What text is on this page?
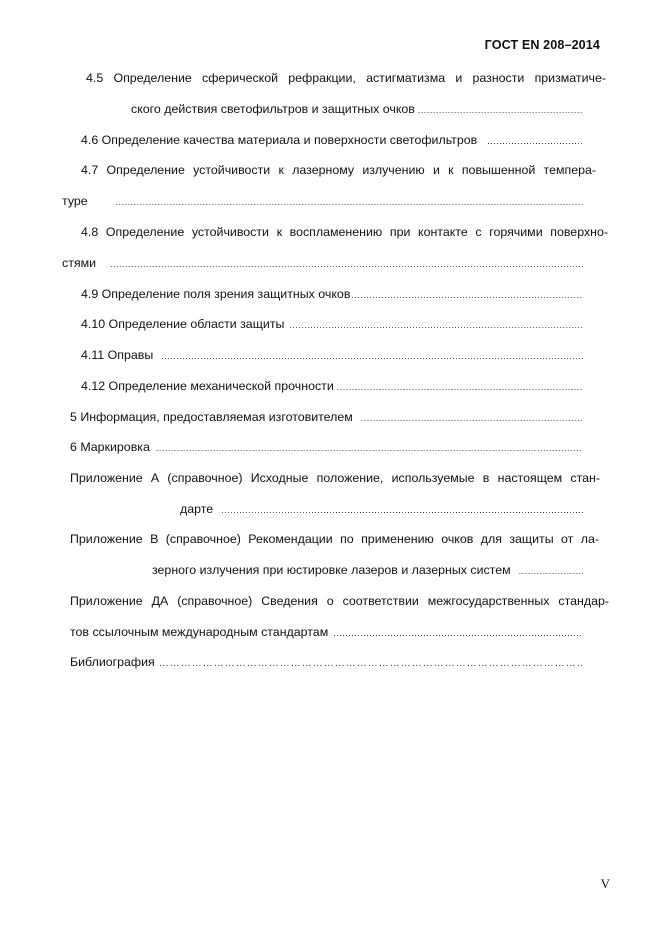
ГОСТ EN 208–2014
4.5 Определение сферической рефракции, астигматизма и разности призматиче-
ского действия светофильтров и защитных очков
.....
4.6 Определение качества материала и поверхности светофильтров
.....
4.7 Определение устойчивости к лазерному излучению и к повышенной темпера-
туре
.....
4.8 Определение устойчивости к воспламенению при контакте с горячими поверхно-
стями
.....
4.9 Определение поля зрения защитных очков
.....
4.10 Определение области защиты
.....
4.11 Оправы
.....
4.12 Определение механической прочности
.....
5 Информация, предоставляемая изготовителем
.....
6 Маркировка
.....
Приложение А (справочное) Исходные положение, используемые в настоящем стан-
дарте
.....
Приложение В (справочное) Рекомендации по применению очков для защиты от ла-
зерного излучения при юстировке лазеров и лазерных систем
.....
Приложение ДА (справочное) Сведения о соответствии межгосударственных стандар-
тов ссылочным международным стандартам
.....
Библиография
………………………………………………………………………………………………………………………………………………………………………………………
V
